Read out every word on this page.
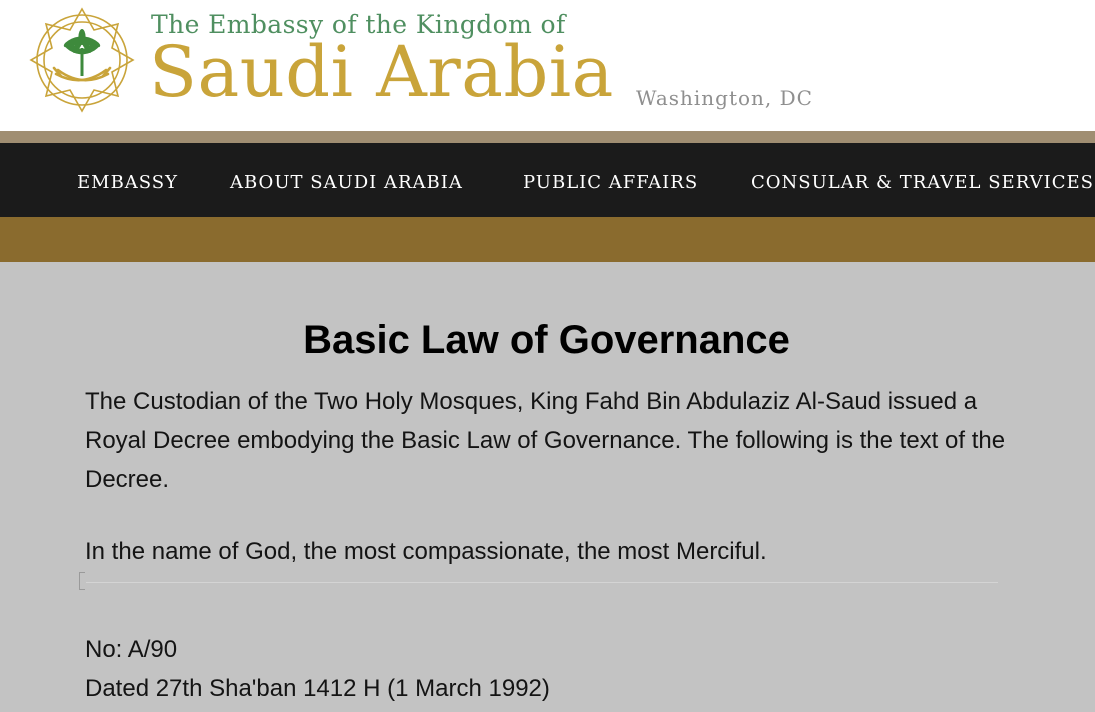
The Embassy of the Kingdom of
Saudi Arabia Washington, DC
EMBASSY	ABOUT SAUDI ARABIA	PUBLIC AFFAIRS	CONSULAR & TRAVEL SERVICES
Basic Law of Governance

The Custodian of the Two Holy Mosques, King Fahd Bin Abdulaziz Al-Saud issued a Royal Decree embodying the Basic Law of Governance. The following is the text of the Decree.

In the name of God, the most compassionate, the most Merciful.

No: A/90

Dated 27th Sha'ban 1412 H (1 March 1992)
